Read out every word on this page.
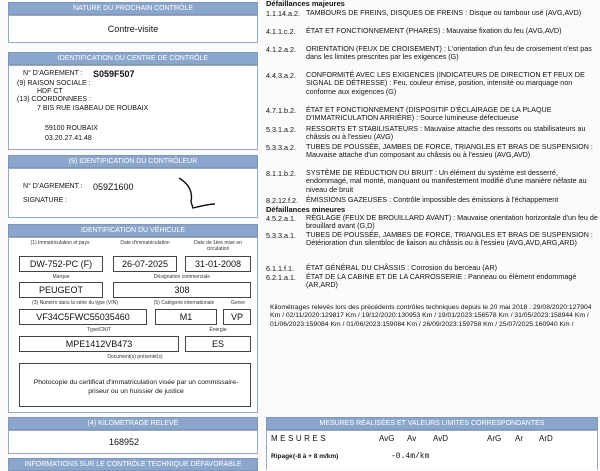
NATURE DU PROCHAIN CONTRÔLE
Contre-visite
IDENTIFICATION DU CENTRE DE CONTRÔLE
N° D'AGREMENT : S059F507
(9) RAISON SOCIALE :
HDF CT
(13) COORDONNEES :
7 BIS RUE ISABEAU DE ROUBAIX
59100 ROUBAIX
03.20.27.41.48
(9) IDENTIFICATION DU CONTRÔLEUR
N° D'AGREMENT : 059Z1600
SIGNATURE :
IDENTIFICATION DU VÉHICULE
(1) Immatriculation et pays	Date d'immatriculation	Date de 1ère mise en circulation
DW-752-PC (F)	26-07-2025	31-01-2008
Marque	Désignation commerciale
PEUGEOT	308
(3) Numéro dans la série du type (VIN)	(5) Catégorie internationale	Genre
VF34C5FWC55035460	M1	VP
Type/CNIT	Énergie
MPE1412VB473	ES
Document(s) présenté(s)
Photocopie du certificat d'immatriculation visée par un commissaire-priseur ou un huissier de justice
(4) KILOMETRAGE RELEVÉ
168952
INFORMATIONS SUR LE CONTRÔLE TECHNIQUE DÉFAVORABLE
Défaillances majeures
1.1.14.a.2. TAMBOURS DE FREINS, DISQUES DE FREINS : Disque ou tambour usé (AVG,AVD)
4.1.1.c.2.	ÉTAT ET FONCTIONNEMENT (PHARES) : Mauvaise fixation du feu (AVG,AVD)
4.1.2.a.2.	ORIENTATION (FEUX DE CROISEMENT) : L'orientation d'un feu de croisement n'est pas dans les limites prescrites par les exigences (G)
4.4.3.a.2.	CONFORMITÉ AVEC LES EXIGENCES (INDICATEURS DE DIRECTION ET FEUX DE SIGNAL DE DÉTRESSE) : Feu, couleur émise, position, intensité ou marquage non conforme aux exigences (G)
4.7.1.b.2.	ÉTAT ET FONCTIONNEMENT (DISPOSITIF D'ÉCLAIRAGE DE LA PLAQUE D'IMMATRICULATION ARRIÈRE) : Source lumineuse défectueuse
5.3.1.a.2.	RESSORTS ET STABILISATEURS : Mauvaise attache des ressorts ou stabilisateurs au châssis ou à l'essieu (AVG)
5.3.3.a.2.	TUBES DE POUSSÉE, JAMBES DE FORCE, TRIANGLES ET BRAS DE SUSPENSION : Mauvaise attache d'un composant au châssis ou à l'essieu (AVG,AVD)
8.1.1.b.2.	SYSTÈME DE RÉDUCTION DU BRUIT : Un élément du système est desserré, endommagé, mal monté, manquant ou manifestement modifié d'une manière néfaste au niveau de bruit
8.2.12.f.2.	ÉMISSIONS GAZEUSES : Contrôle impossible des émissions à l'échappement
Défaillances mineures
4.5.2.a.1.	RÉGLAGE (FEUX DE BROUILLARD AVANT) : Mauvaise orientation horizontale d'un feu de brouillard avant (G,D)
5.3.3.a.1.	TUBES DE POUSSÉE, JAMBES DE FORCE, TRIANGLES ET BRAS DE SUSPENSION : Détérioration d'un silentbloc de liaison au châssis ou à l'essieu (AVG,AVD,ARG,ARD)
6.1.1.f.1.	ÉTAT GÉNÉRAL DU CHÂSSIS : Corrosion du berceau (AR)
6.2.1.a.1.	ÉTAT DE LA CABINE ET DE LA CARROSSERIE : Panneau ou élément endommagé (AR,ARD)
Kilométrages relevés lors des précédents contrôles techniques depuis le 20 mai 2018 : 29/08/2020:127904 Km / 02/11/2020:129817 Km / 19/12/2020:130953 Km / 19/01/2023:156578 Km / 31/05/2023:158944 Km / 01/06/2023:159084 Km / 01/06/2023:159084 Km / 26/09/2023:159758 Km / 25/07/2025:160940 Km /
MESURES RÉALISÉES ET VALEURS LIMITES CORRESPONDANTES
MESURES	AvG Av AvD	ArG Ar ArD
Ripage (-8 à + 8 m/km)	-0.4m/km
